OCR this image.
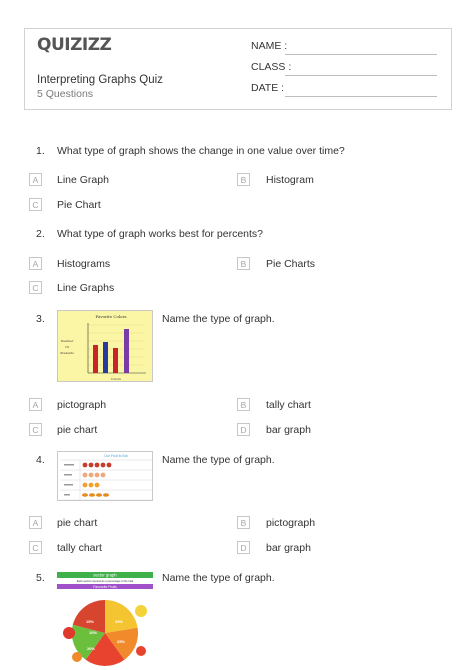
QUIZIZZ
Interpreting Graphs Quiz
5 Questions
NAME :
CLASS :
DATE :
1. What type of graph shows the change in one value over time?
A	Line Graph	B	Histogram
C	Pie Chart
2. What type of graph works best for percents?
A	Histograms	B	Pie Charts
C	Line Graphs
3.	Favorite Colors
Number
Of
Students
Colors
Name the type of graph.
A	pictograph	B	tally chart
C	pie chart	D	bar graph
4.	Our Fruit to Eat	Name the type of graph.
A	pie chart	B	pictograph
C	tally chart	D	bar graph
5.	sector graph
Each section represents a percentage of the total
Favourite Fruits
29%
15%
10%
20%
25%
Name the type of graph.
